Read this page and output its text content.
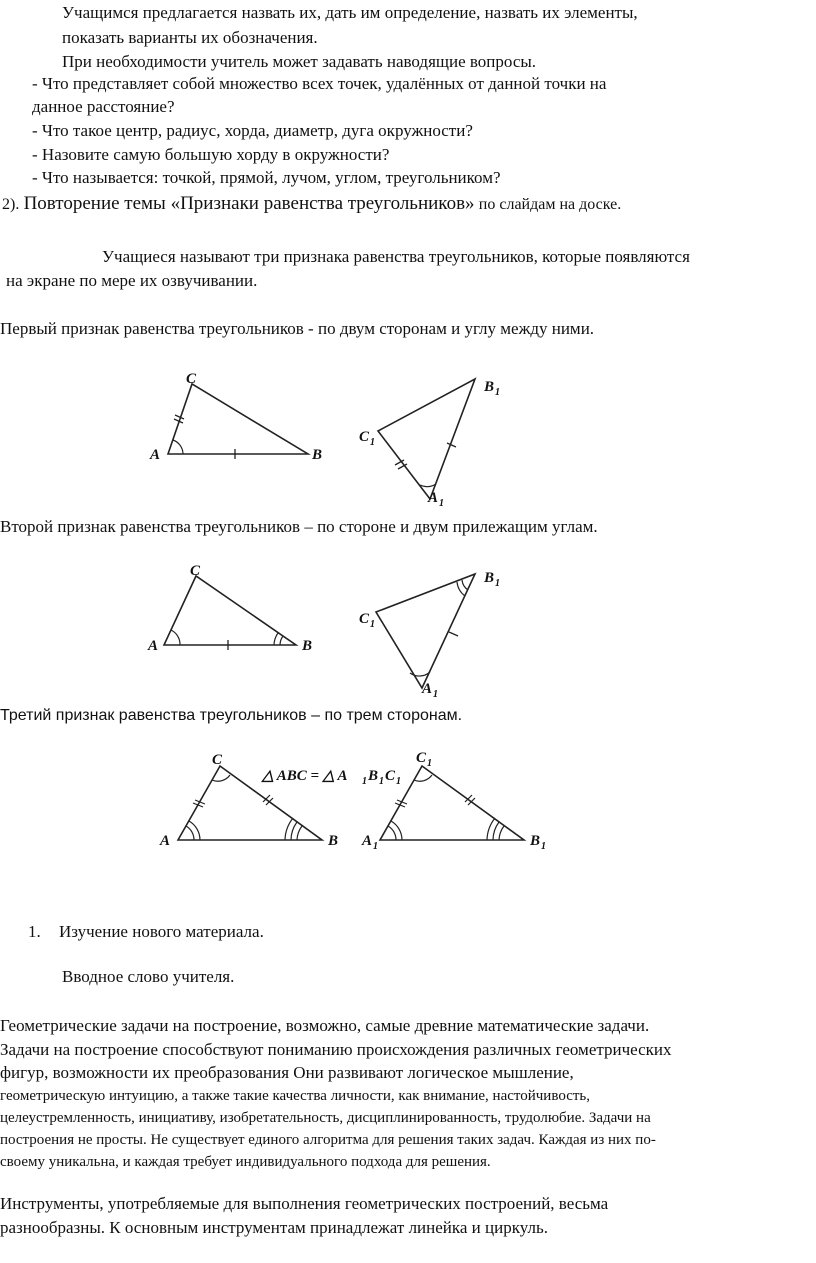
Учащимся предлагается назвать их, дать им определение, назвать их элементы,
показать варианты их обозначения.
При необходимости учитель может задавать наводящие вопросы.
- Что представляет собой множество всех точек, удалённых от данной точки на
данное расстояние?
- Что такое центр, радиус, хорда, диаметр, дуга окружности?
- Назовите самую большую хорду в окружности?
- Что называется: точкой, прямой, лучом, углом, треугольником?
2). Повторение темы «Признаки равенства треугольников» по слайдам на доске.
Учащиеся называют три признака равенства треугольников, которые появляются
на экране по мере их озвучивании.
Первый признак равенства треугольников - по двум сторонам и углу между ними.
A
C
B
C 1
B 1
A 1
Второй признак равенства треугольников – по стороне и двум прилежащим углам.
A
C
B
C 1
B 1
A 1
Третий признак равенства треугольников – по трем сторонам.
A
C
B
△ ABC = △ A 1 B 1 C 1
A 1
C 1
B 1
1. Изучение нового материала.
Вводное слово учителя.
Геометрические задачи на построение, возможно, самые древние математические задачи.
Задачи на построение способствуют пониманию происхождения различных геометрических
фигур, возможности их преобразования Они развивают логическое мышление,
геометрическую интуицию, а также такие качества личности, как внимание, настойчивость,
целеустремленность, инициативу, изобретательность, дисциплинированность, трудолюбие. Задачи на
построения не просты. Не существует единого алгоритма для решения таких задач. Каждая из них по-
своему уникальна, и каждая требует индивидуального подхода для решения.
Инструменты, употребляемые для выполнения геометрических построений, весьма
разнообразны. К основным инструментам принадлежат линейка и циркуль.
